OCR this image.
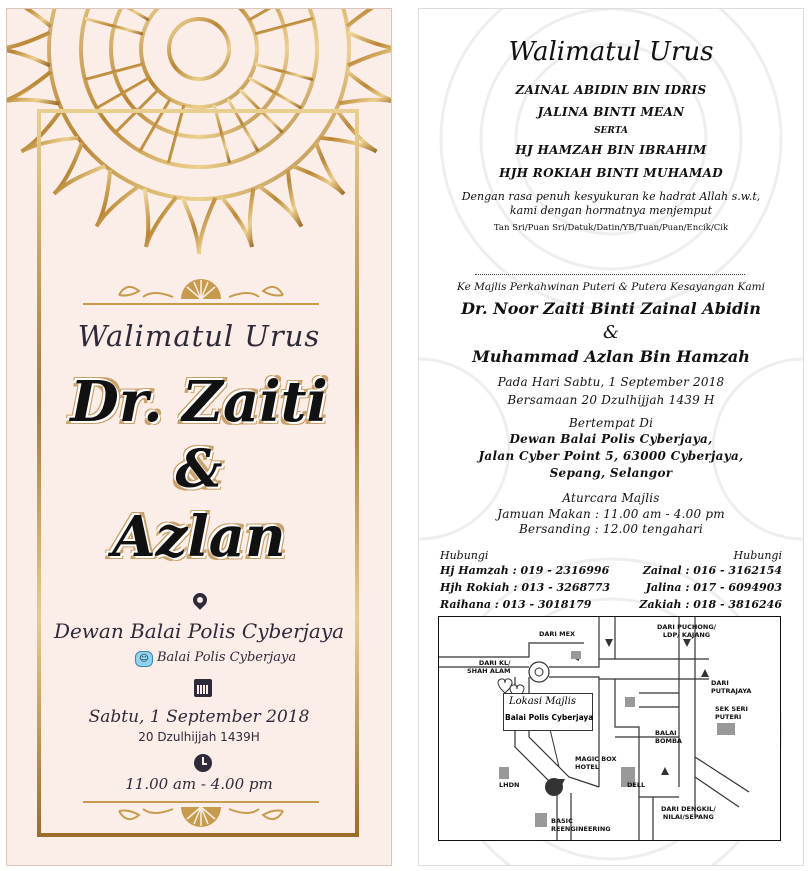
Walimatul Urus
Dr. Zaiti
&
Azlan
Dewan Balai Polis Cyberjaya
☺ Balai Polis Cyberjaya
Sabtu, 1 September 2018
20 Dzulhijjah 1439H
11.00 am - 4.00 pm
Walimatul Urus
ZAINAL ABIDIN BIN IDRIS
JALINA BINTI MEAN
SERTA
HJ HAMZAH BIN IBRAHIM
HJH ROKIAH BINTI MUHAMAD
Dengan rasa penuh kesyukuran ke hadrat Allah s.w.t,
kami dengan hormatnya menjemput
Tan Sri/Puan Sri/Datuk/Datin/YB/Tuan/Puan/Encik/Cik
Ke Majlis Perkahwinan Puteri & Putera Kesayangan Kami
Dr. Noor Zaiti Binti Zainal Abidin
&
Muhammad Azlan Bin Hamzah
Pada Hari Sabtu, 1 September 2018
Bersamaan 20 Dzulhijjah 1439 H
Bertempat Di
Dewan Balai Polis Cyberjaya,
Jalan Cyber Point 5, 63000 Cyberjaya,
Sepang, Selangor
Aturcara Majlis
Jamuan Makan : 11.00 am - 4.00 pm
Bersanding : 12.00 tengahari
Hubungi	Hubungi
Hj Hamzah : 019 - 2316996
Hjh Rokiah : 013 - 3268773
Raihana : 013 - 3018179
Zainal : 016 - 3162154
Jalina : 017 - 6094903
Zakiah : 018 - 3816246
Lokasi Majlis
Balai Polis Cyberjaya
DARI MEX
DARI PUCHONG/
LDP/ KAJANG
DARI KL/
SHAH ALAM
DARI
PUTRAJAYA
SEK SERI
PUTERI
BALAI
BOMBA
LHDN
MAGIC BOX
HOTEL
DELL
DARI DENGKIL/
NILAI/SEPANG
BASIC
REENGINEERING
